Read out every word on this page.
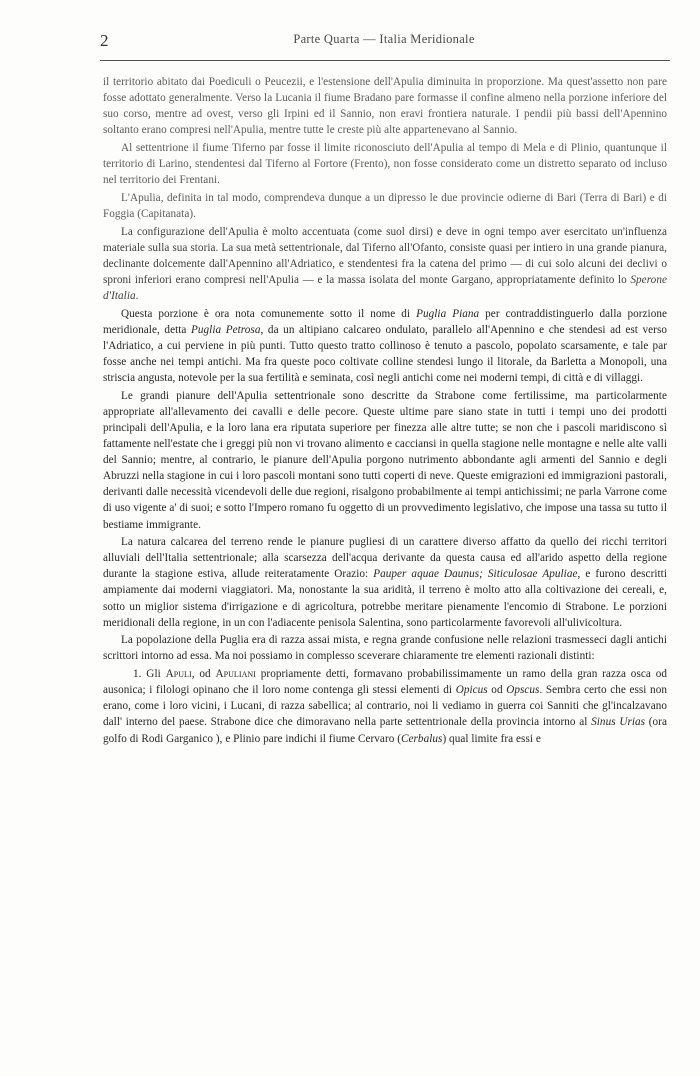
2	Parte Quarta — Italia Meridionale

il territorio abitato dai Poediculi o Peucezii, e l'estensione dell'Apulia diminuita in proporzione. Ma quest'assetto non pare fosse adottato generalmente. Verso la Lucania il fiume Bradano pare formasse il confine almeno nella porzione inferiore del suo corso, mentre ad ovest, verso gli Irpini ed il Sannio, non eravi frontiera naturale. I pendii più bassi dell'Apennino soltanto erano compresi nell'Apulia, mentre tutte le creste più alte appartenevano al Sannio.

Al settentrione il fiume Tiferno par fosse il limite riconosciuto dell'Apulia al tempo di Mela e di Plinio, quantunque il territorio di Larino, stendentesi dal Tiferno al Fortore (Frento), non fosse considerato come un distretto separato od incluso nel territorio dei Frentani.

L'Apulia, definita in tal modo, comprendeva dunque a un dipresso le due provincie odierne di Bari (Terra di Bari) e di Foggia (Capitanata).

La configurazione dell'Apulia è molto accentuata (come suol dirsi) e deve in ogni tempo aver esercitato un'influenza materiale sulla sua storia. La sua metà settentrionale, dal Tiferno all'Ofanto, consiste quasi per intiero in una grande pianura, declinante dolcemente dall'Apennino all'Adriatico, e stendentesi fra la catena del primo — di cui solo alcuni dei declivi o sproni inferiori erano compresi nell'Apulia — e la massa isolata del monte Gargano, appropriatamente definito lo Sperone d'Italia.

Questa porzione è ora nota comunemente sotto il nome di Puglia Piana per contraddistinguerlo dalla porzione meridionale, detta Puglia Petrosa, da un altipiano calcareo ondulato, parallelo all'Apennino e che stendesi ad est verso l'Adriatico, a cui perviene in più punti. Tutto questo tratto collinoso è tenuto a pascolo, popolato scarsamente, e tale par fosse anche nei tempi antichi. Ma fra queste poco coltivate colline stendesi lungo il litorale, da Barletta a Monopoli, una striscia angusta, notevole per la sua fertilità e seminata, così negli antichi come nei moderni tempi, di città e di villaggi.

Le grandi pianure dell'Apulia settentrionale sono descritte da Strabone come fertilissime, ma particolarmente appropriate all'allevamento dei cavalli e delle pecore. Queste ultime pare siano state in tutti i tempi uno dei prodotti principali dell'Apulia, e la loro lana era riputata superiore per finezza alle altre tutte; se non che i pascoli maridiscono sì fattamente nell'estate che i greggi più non vi trovano alimento e cacciansi in quella stagione nelle montagne e nelle alte valli del Sannio; mentre, al contrario, le pianure dell'Apulia porgono nutrimento abbondante agli armenti del Sannio e degli Abruzzi nella stagione in cui i loro pascoli montani sono tutti coperti di neve. Queste emigrazioni ed immigrazioni pastorali, derivanti dalle necessità vicendevoli delle due regioni, risalgono probabilmente ai tempi antichissimi; ne parla Varrone come di uso vigente a' di suoi; e sotto l'Impero romano fu oggetto di un provvedimento legislativo, che impose una tassa su tutto il bestiame immigrante.

La natura calcarea del terreno rende le pianure pugliesi di un carattere diverso affatto da quello dei ricchi territori alluviali dell'Italia settentrionale; alla scarsezza dell'acqua derivante da questa causa ed all'arido aspetto della regione durante la stagione estiva, allude reiteratamente Orazio: Pauper aquae Daunus; Siticulosae Apuliae, e furono descritti ampiamente dai moderni viaggiatori. Ma, nonostante la sua aridità, il terreno è molto atto alla coltivazione dei cereali, e, sotto un miglior sistema d'irrigazione e di agricoltura, potrebbe meritare pienamente l'encomio di Strabone. Le porzioni meridionali della regione, in un con l'adiacente penisola Salentina, sono particolarmente favorevoli all'ulivicoltura.

La popolazione della Puglia era di razza assai mista, e regna grande confusione nelle relazioni trasmesseci dagli antichi scrittori intorno ad essa. Ma noi possiamo in complesso sceverare chiaramente tre elementi razionali distinti:

1. Gli Apuli, od Apuliani propriamente detti, formavano probabilissimamente un ramo della gran razza osca od ausonica; i filologi opinano che il loro nome contenga gli stessi elementi di Opicus od Opscus. Sembra certo che essi non erano, come i loro vicini, i Lucani, di razza sabellica; al contrario, noi li vediamo in guerra coi Sanniti che gl'incalzavano dall' interno del paese. Strabone dice che dimoravano nella parte settentrionale della provincia intorno al Sinus Urias (ora golfo di Rodi Garganico ), e Plinio pare indichi il fiume Cervaro (Cerbalus) qual limite fra essi e
